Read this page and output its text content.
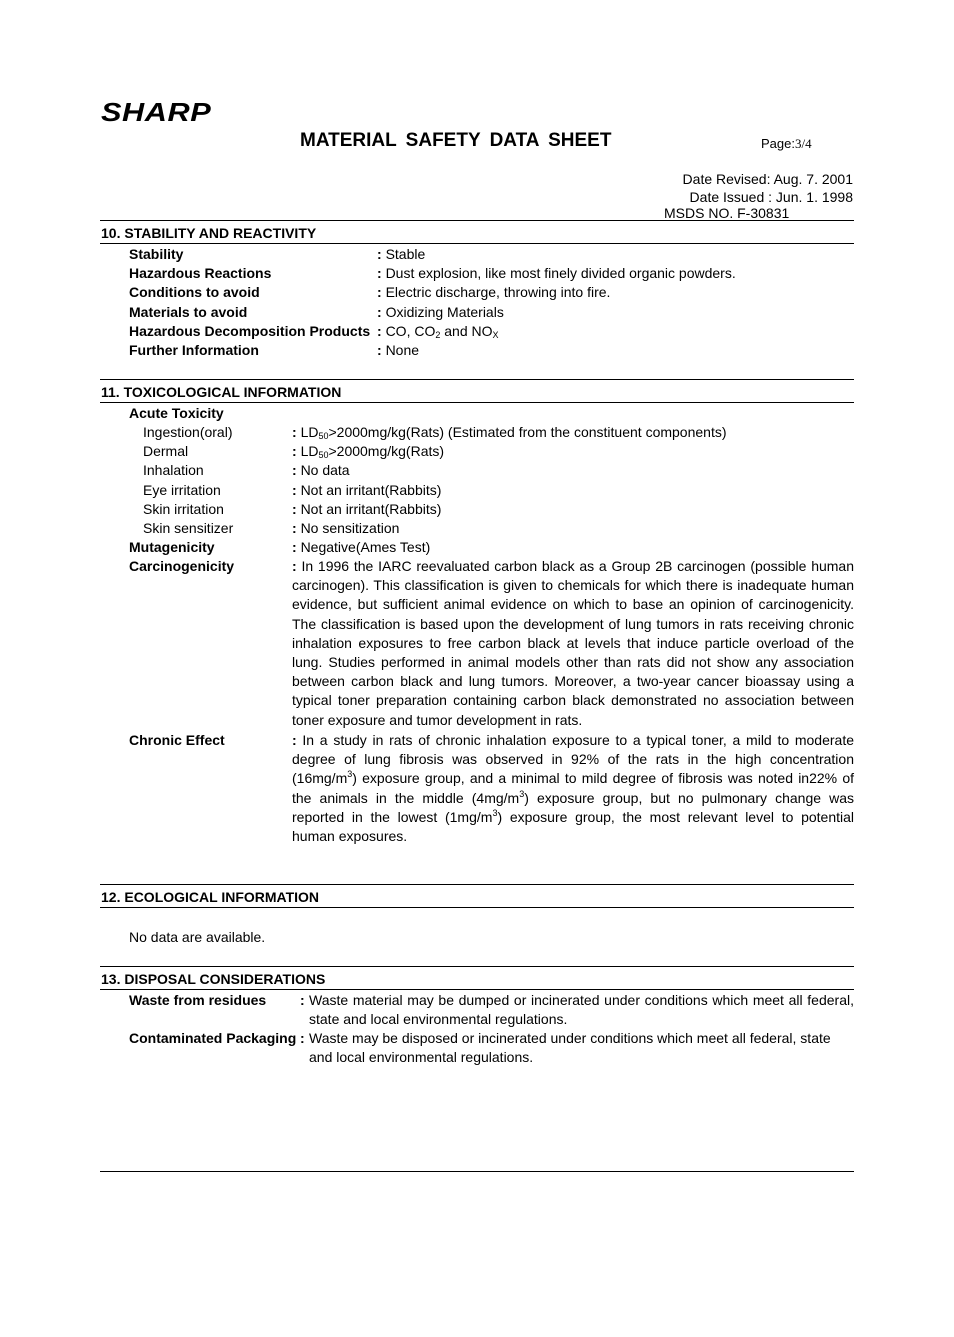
SHARP
MATERIAL SAFETY DATA SHEET	Page:3/4
Date Revised: Aug. 7. 2001
Date Issued : Jun. 1. 1998
MSDS NO. F-30831
10. STABILITY AND REACTIVITY
Stability	: Stable
Hazardous Reactions	: Dust explosion, like most finely divided organic powders.
Conditions to avoid	: Electric discharge, throwing into fire.
Materials to avoid	: Oxidizing Materials
Hazardous Decomposition Products : CO, $CO_2$ and $NO_X$
Further Information	: None
11. TOXICOLOGICAL INFORMATION
Acute Toxicity
Ingestion(oral)	: $LD_{50}>2000mg/kg(Rats)$ (Estimated from the constituent components)
Dermal	: $LD_{50}>2000mg/kg(Rats)$
Inhalation	: No data
Eye irritation	: Not an irritant(Rabbits)
Skin irritation	: Not an irritant(Rabbits)
Skin sensitizer	: No sensitization
Mutagenicity	: Negative(Ames Test)
Carcinogenicity	: In 1996 the IARC reevaluated carbon black as a Group 2B carcinogen (possible human carcinogen). This classification is given to chemicals for which there is inadequate human evidence, but sufficient animal evidence on which to base an opinion of carcinogenicity. The classification is based upon the development of lung tumors in rats receiving chronic inhalation exposures to free carbon black at levels that induce particle overload of the lung. Studies performed in animal models other than rats did not show any association between carbon black and lung tumors. Moreover, a two-year cancer bioassay using a typical toner preparation containing carbon black demonstrated no association between toner exposure and tumor development in rats.
Chronic Effect	: In a study in rats of chronic inhalation exposure to a typical toner, a mild to moderate degree of lung fibrosis was observed in 92% of the rats in the high concentration $(16mg/m^3)$ exposure group, and a minimal to mild degree of fibrosis was noted in22% of the animals in the middle $(4mg/m^3)$ exposure group, but no pulmonary change was reported in the lowest $(1mg/m^3)$ exposure group, the most relevant level to potential human exposures.
12. ECOLOGICAL INFORMATION
No data are available.
13. DISPOSAL CONSIDERATIONS
Waste from residues : Waste material may be dumped or incinerated under conditions which meet all federal, state and local environmental regulations.
Contaminated Packaging : Waste may be disposed or incinerated under conditions which meet all federal, state and local environmental regulations.
